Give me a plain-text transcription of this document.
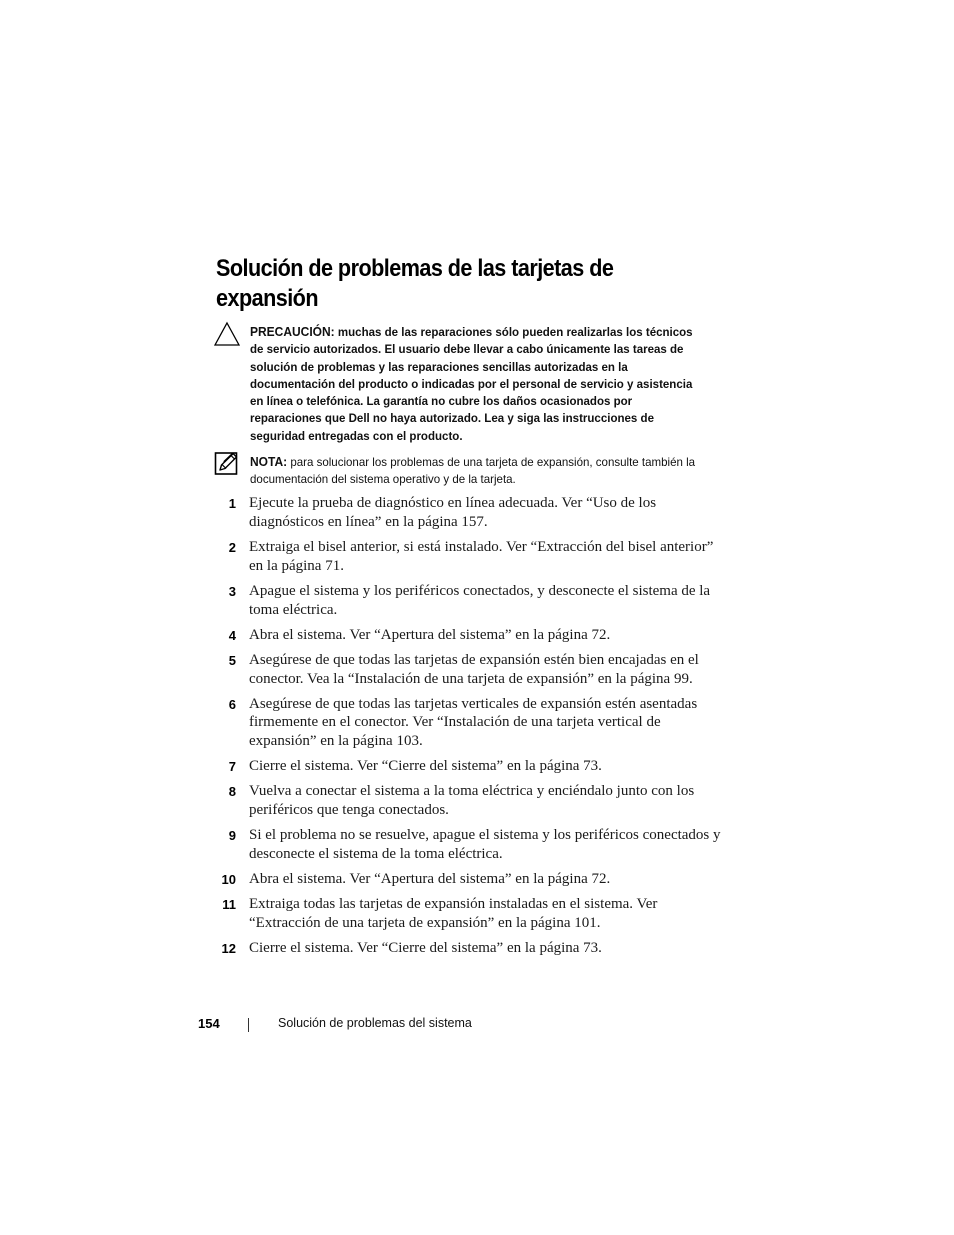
Solución de problemas de las tarjetas de expansión
PRECAUCIÓN: muchas de las reparaciones sólo pueden realizarlas los técnicos de servicio autorizados. El usuario debe llevar a cabo únicamente las tareas de solución de problemas y las reparaciones sencillas autorizadas en la documentación del producto o indicadas por el personal de servicio y asistencia en línea o telefónica. La garantía no cubre los daños ocasionados por reparaciones que Dell no haya autorizado. Lea y siga las instrucciones de seguridad entregadas con el producto.
NOTA: para solucionar los problemas de una tarjeta de expansión, consulte también la documentación del sistema operativo y de la tarjeta.
1 Ejecute la prueba de diagnóstico en línea adecuada. Ver “Uso de los diagnósticos en línea” en la página 157.
2 Extraiga el bisel anterior, si está instalado. Ver “Extracción del bisel anterior” en la página 71.
3 Apague el sistema y los periféricos conectados, y desconecte el sistema de la toma eléctrica.
4 Abra el sistema. Ver “Apertura del sistema” en la página 72.
5 Asegúrese de que todas las tarjetas de expansión estén bien encajadas en el conector. Vea la “Instalación de una tarjeta de expansión” en la página 99.
6 Asegúrese de que todas las tarjetas verticales de expansión estén asentadas firmemente en el conector. Ver “Instalación de una tarjeta vertical de expansión” en la página 103.
7 Cierre el sistema. Ver “Cierre del sistema” en la página 73.
8 Vuelva a conectar el sistema a la toma eléctrica y enciéndalo junto con los periféricos que tenga conectados.
9 Si el problema no se resuelve, apague el sistema y los periféricos conectados y desconecte el sistema de la toma eléctrica.
10 Abra el sistema. Ver “Apertura del sistema” en la página 72.
11 Extraiga todas las tarjetas de expansión instaladas en el sistema. Ver “Extracción de una tarjeta de expansión” en la página 101.
12 Cierre el sistema. Ver “Cierre del sistema” en la página 73.
154	Solución de problemas del sistema
